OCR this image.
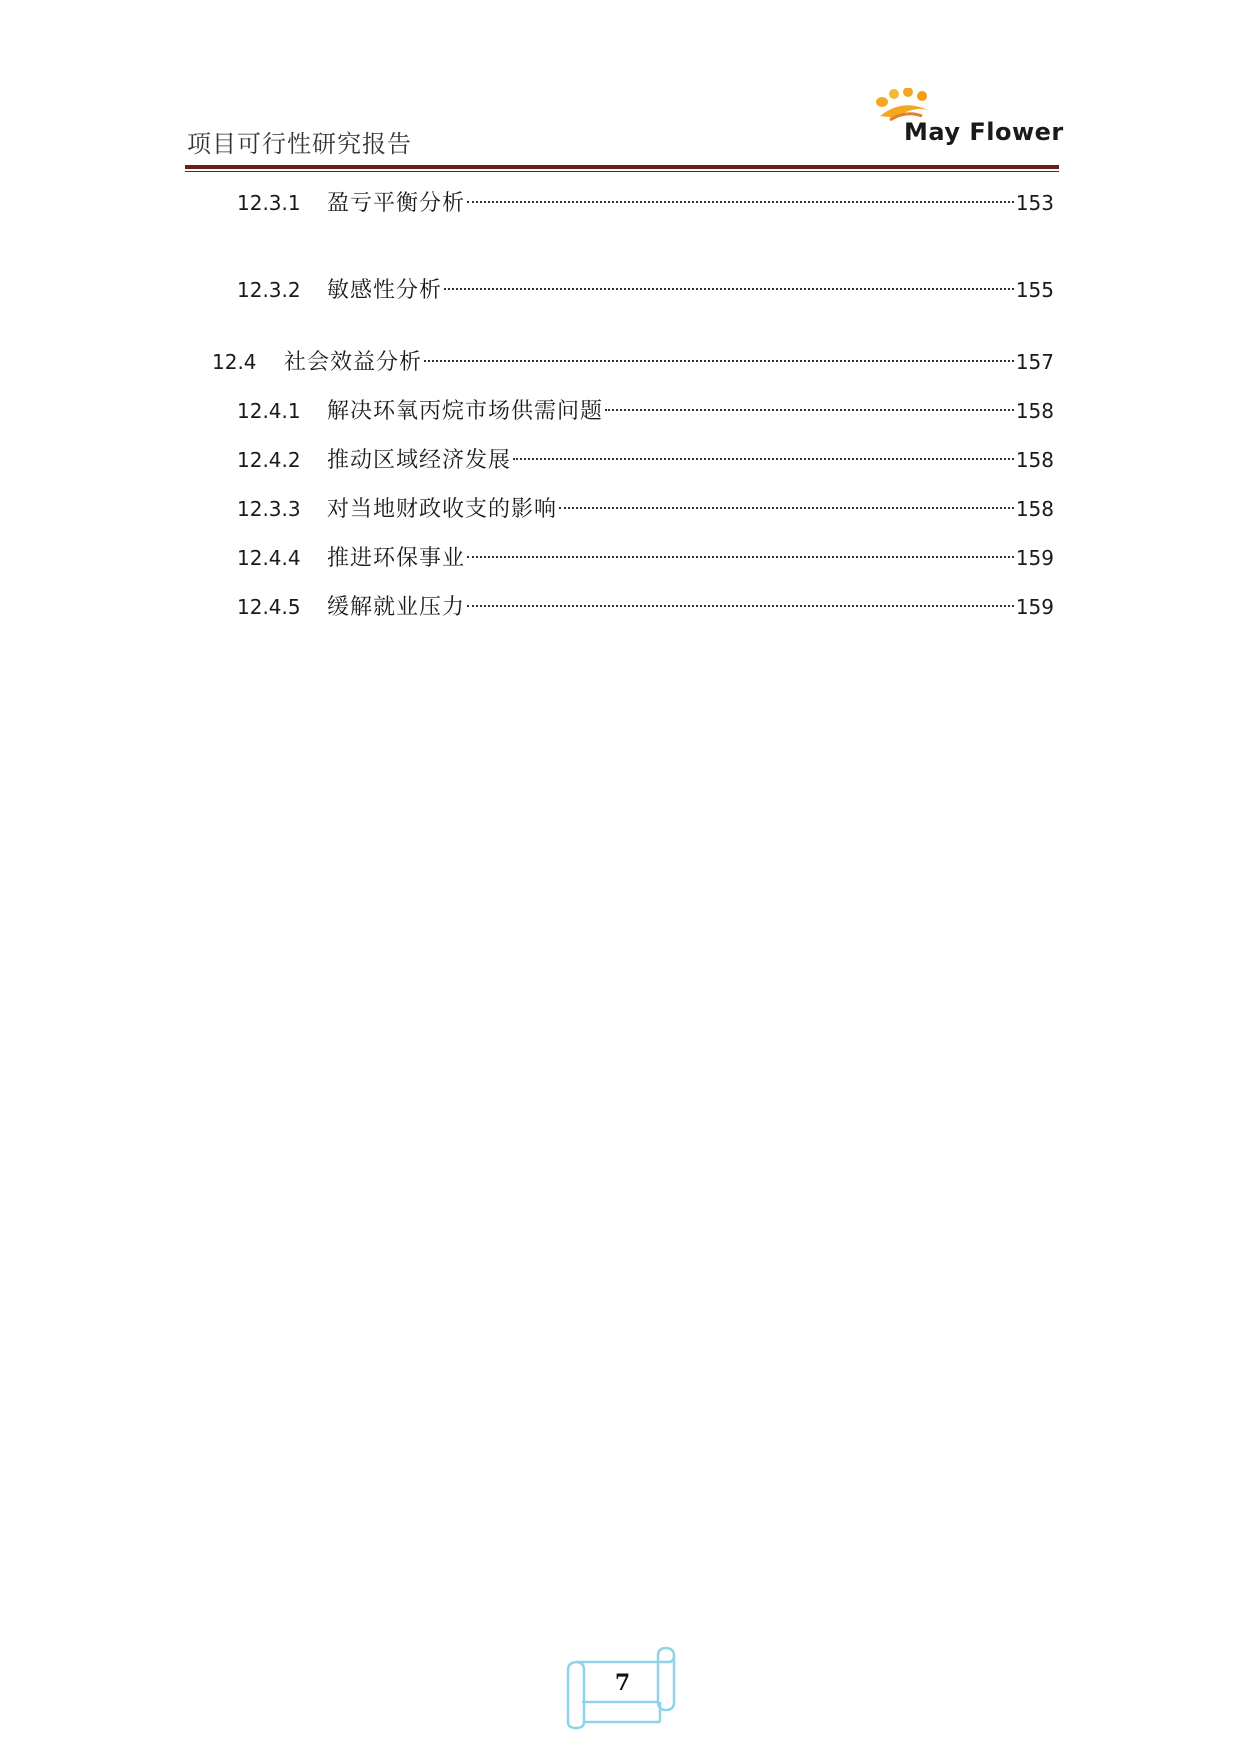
项目可行性研究报告	May Flower
12.3.1	盈亏平衡分析	153
12.3.2	敏感性分析	155
12.4	社会效益分析	157
12.4.1	解决环氧丙烷市场供需问题	158
12.4.2	推动区域经济发展	158
12.3.3	对当地财政收支的影响	158
12.4.4	推进环保事业	159
12.4.5	缓解就业压力	159
7
